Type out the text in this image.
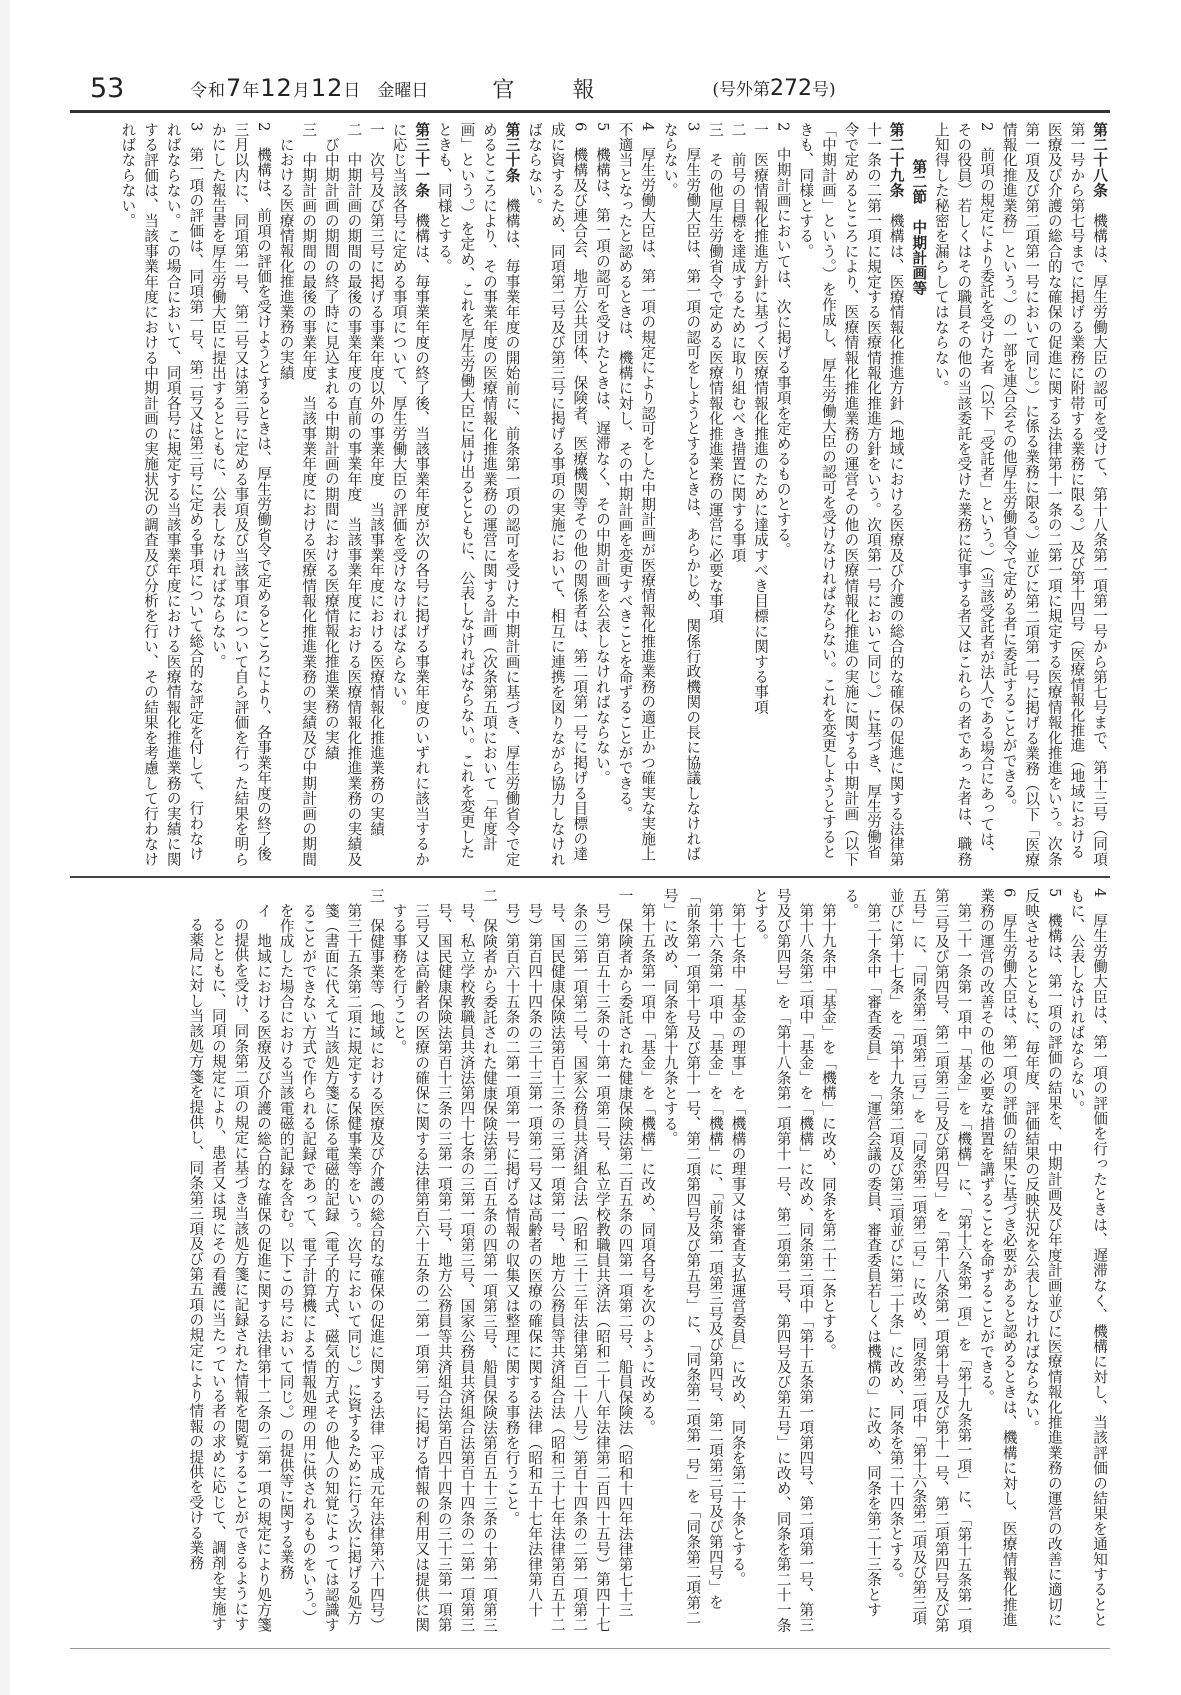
53	令和7年12月12日 金曜日	官報	(号外第272号)

第二十八条　機構は、厚生労働大臣の認可を受けて、第十八条第一項第一号から第七号まで、第十三号（同項第一号から第七号までに掲げる業務に附帯する業務に限る。）及び第十四号（医療情報化推進（地域における医療及び介護の総合的な確保の促進に関する法律第十一条の二第一項に規定する医療情報化推進をいう。次条第一項及び第二項第一号において同じ。）に係る業務に限る。）並びに第二項第一号に掲げる業務（以下「医療情報化推進業務」という。）の一部を連合会その他厚生労働省令で定める者に委託することができる。

2　前項の規定により委託を受けた者（以下「受託者」という。）（当該受託者が法人である場合にあっては、その役員）若しくはその職員その他の当該委託を受けた業務に従事する者又はこれらの者であった者は、職務上知得した秘密を漏らしてはならない。

第二節　中期計画等

第二十九条　機構は、医療情報化推進方針（地域における医療及び介護の総合的な確保の促進に関する法律第十一条の二第一項に規定する医療情報化推進方針をいう。次項第一号において同じ。）に基づき、厚生労働省令で定めるところにより、医療情報化推進業務の運営その他の医療情報化推進の実施に関する中期計画（以下「中期計画」という。）を作成し、厚生労働大臣の認可を受けなければならない。これを変更しようとするときも、同様とする。

2　中期計画においては、次に掲げる事項を定めるものとする。

一　医療情報化推進方針に基づく医療情報化推進のために達成すべき目標に関する事項

二　前号の目標を達成するために取り組むべき措置に関する事項

三　その他厚生労働省令で定める医療情報化推進業務の運営に必要な事項

3　厚生労働大臣は、第一項の認可をしようとするときは、あらかじめ、関係行政機関の長に協議しなければならない。

4　厚生労働大臣は、第一項の規定により認可をした中期計画が医療情報化推進業務の適正かつ確実な実施上不適当となったと認めるときは、機構に対し、その中期計画を変更すべきことを命ずることができる。

5　機構は、第一項の認可を受けたときは、遅滞なく、その中期計画を公表しなければならない。

6　機構及び連合会、地方公共団体、保険者、医療機関等その他の関係者は、第二項第一号に掲げる目標の達成に資するため、同項第二号及び第三号に掲げる事項の実施において、相互に連携を図りながら協力しなければならない。

第三十条　機構は、毎事業年度の開始前に、前条第一項の認可を受けた中期計画に基づき、厚生労働省令で定めるところにより、その事業年度の医療情報化推進業務の運営に関する計画（次条第五項において「年度計画」という。）を定め、これを厚生労働大臣に届け出るとともに、公表しなければならない。これを変更したときも、同様とする。

第三十一条　機構は、毎事業年度の終了後、当該事業年度が次の各号に掲げる事業年度のいずれに該当するかに応じ当該各号に定める事項について、厚生労働大臣の評価を受けなければならない。

一　次号及び第三号に掲げる事業年度以外の事業年度　当該事業年度における医療情報化推進業務の実績

二　中期計画の期間の最後の事業年度の直前の事業年度　当該事業年度における医療情報化推進業務の実績及び中期計画の期間の終了時に見込まれる中期計画の期間における医療情報化推進業務の実績

三　中期計画の期間の最後の事業年度　当該事業年度における医療情報化推進業務の実績及び中期計画の期間における医療情報化推進業務の実績

2　機構は、前項の評価を受けようとするときは、厚生労働省令で定めるところにより、各事業年度の終了後三月以内に、同項第一号、第二号又は第三号に定める事項及び当該事項について自ら評価を行った結果を明らかにした報告書を厚生労働大臣に提出するとともに、公表しなければならない。

3　第一項の評価は、同項第一号、第二号又は第三号に定める事項について総合的な評定を付して、行わなければならない。この場合において、同項各号に規定する当該事業年度における医療情報化推進業務の実績に関する評価は、当該事業年度における中期計画の実施状況の調査及び分析を行い、その結果を考慮して行わなければならない。

4　厚生労働大臣は、第一項の評価を行ったときは、遅滞なく、機構に対し、当該評価の結果を通知するとともに、公表しなければならない。

5　機構は、第一項の評価の結果を、中期計画及び年度計画並びに医療情報化推進業務の運営の改善に適切に反映させるとともに、毎年度、評価結果の反映状況を公表しなければならない。

6　厚生労働大臣は、第一項の評価の結果に基づき必要があると認めるときは、機構に対し、医療情報化推進業務の運営の改善その他の必要な措置を講ずることを命ずることができる。

第二十一条第一項中「基金」を「機構」に、「第十六条第一項」を「第十九条第一項」に、「第十五条第一項第三号及び第四号、第二項第三号及び第四号」を「第十八条第一項第十号及び第十一号、第二項第四号及び第五号」に、「同条第二項第二号」を「同条第二項第二号」に改め、同条第二項中「第十六条第二項及び第三項並びに第十七条」を「第十九条第二項及び第三項並びに第二十条」に改め、同条を第二十四条とする。

第二十条中「審査委員」を「運営会議の委員、審査委員若しくは機構の」に改め、同条を第二十三条とする。

第十九条中「基金」を「機構」に改め、同条を第二十二条とする。

第十八条第二項中「基金」を「機構」に改め、同条第三項中「第十五条第一項第四号、第二項第一号、第三号及び第四号」を「第十八条第一項第十一号、第二項第二号、第四号及び第五号」に改め、同条を第二十一条とする。

第十七条中「基金の理事」を「機構の理事又は審査支払運営委員」に改め、同条を第二十条とする。

第十六条第一項中「基金」を「機構」に、「前条第一項第三号及び第四号、第二項第三号及び第四号」を「前条第一項第十号及び第十一号、第二項第四号及び第五号」に、「同条第二項第一号」を「同条第二項第二号」に改め、同条を第十九条とする。

第十五条第一項中「基金」を「機構」に改め、同項各号を次のように改める。

一　保険者から委託された健康保険法第二百五条の四第一項第二号、船員保険法（昭和十四年法律第七十三号）第百五十三条の十第一項第二号、私立学校教職員共済法（昭和二十八年法律第二百四十五号）第四十七条の三第一項第二号、国家公務員共済組合法（昭和三十三年法律第百二十八号）第百十四条の二第一項第二号、国民健康保険法第百十三条の三第一項第一号、地方公務員等共済組合法（昭和三十七年法律第百五十二号）第百四十四条の三十三第一項第二号又は高齢者の医療の確保に関する法律（昭和五十七年法律第八十号）第百六十五条の二第一項第一号に掲げる情報の収集又は整理に関する事務を行うこと。

二　保険者から委託された健康保険法第二百五条の四第一項第三号、船員保険法第百五十三条の十第一項第三号、私立学校教職員共済法第四十七条の三第一項第三号、国家公務員共済組合法第百十四条の二第一項第三号、国民健康保険法第百十三条の三第一項第二号、地方公務員等共済組合法第百四十四条の三十三第一項第三号又は高齢者の医療の確保に関する法律第百六十五条の二第一項第二号に掲げる情報の利用又は提供に関する事務を行うこと。

三　保健事業等（地域における医療及び介護の総合的な確保の促進に関する法律（平成元年法律第六十四号）第三十五条第二項に規定する保健事業等をいう。次号において同じ。）に資するために行う次に掲げる処方箋（書面に代えて当該処方箋に係る電磁的記録（電子的方式、磁気的方式その他人の知覚によっては認識することができない方式で作られる記録であって、電子計算機による情報処理の用に供されるものをいう。）を作成した場合における当該電磁的記録を含む。以下この号において同じ。）の提供等に関する業務

イ　地域における医療及び介護の総合的な確保の促進に関する法律第十二条の二第一項の規定により処方箋の提供を受け、同条第二項の規定に基づき当該処方箋に記録された情報を閲覧することができるようにするとともに、同項の規定により、患者又は現にその看護に当たっている者の求めに応じて、調剤を実施する薬局に対し当該処方箋を提供し、同条第三項及び第五項の規定により情報の提供を受ける業務
